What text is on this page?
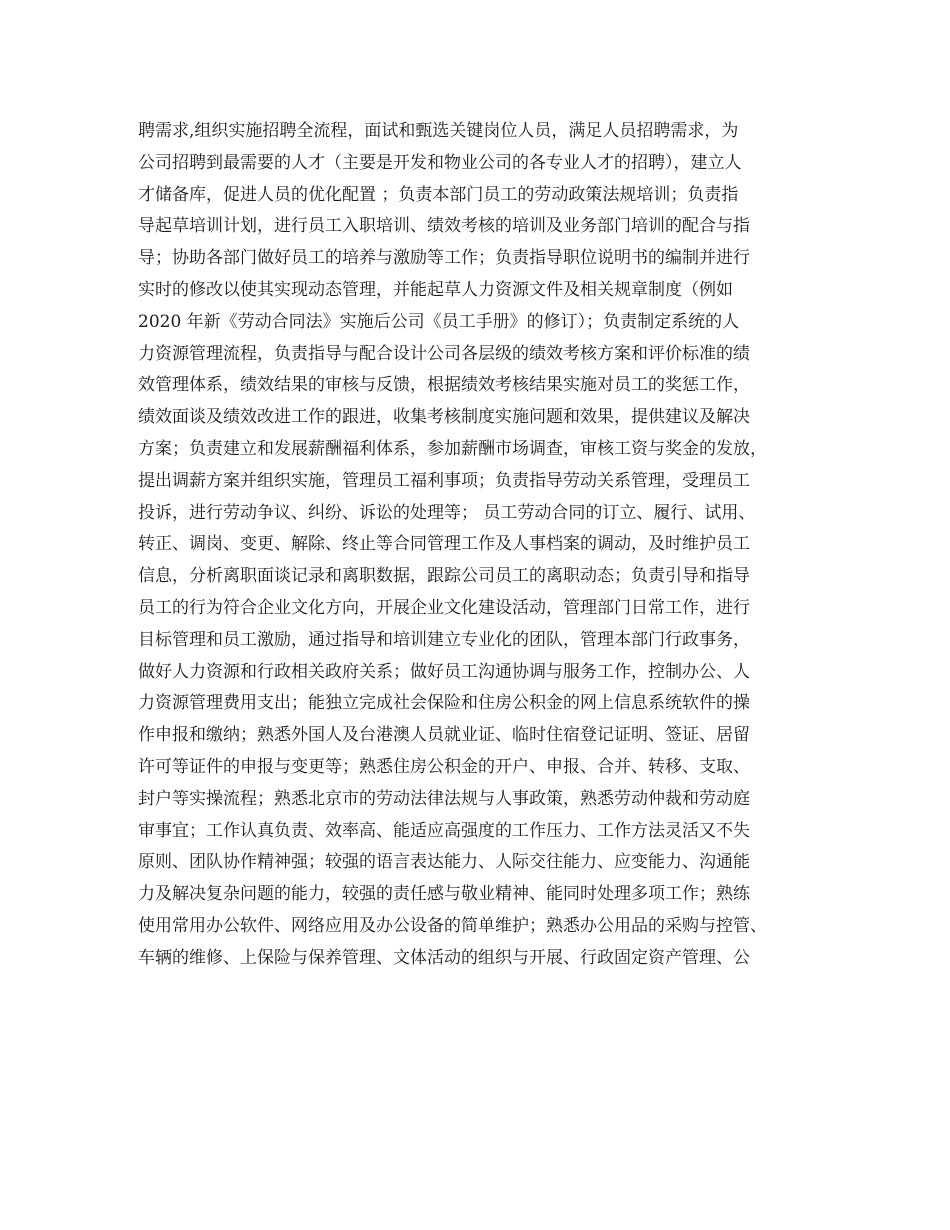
聘需求,组织实施招聘全流程，面试和甄选关键岗位人员，满足人员招聘需求，为
公司招聘到最需要的人才（主要是开发和物业公司的各专业人才的招聘），建立人
才储备库，促进人员的优化配置 ；负责本部门员工的劳动政策法规培训；负责指
导起草培训计划，进行员工入职培训、绩效考核的培训及业务部门培训的配合与指
导；协助各部门做好员工的培养与激励等工作；负责指导职位说明书的编制并进行
实时的修改以使其实现动态管理，并能起草人力资源文件及相关规章制度（例如
2020 年新《劳动合同法》实施后公司《员工手册》的修订）；负责制定系统的人
力资源管理流程，负责指导与配合设计公司各层级的绩效考核方案和评价标准的绩
效管理体系，绩效结果的审核与反馈，根据绩效考核结果实施对员工的奖惩工作，
绩效面谈及绩效改进工作的跟进，收集考核制度实施问题和效果，提供建议及解决
方案；负责建立和发展薪酬福利体系，参加薪酬市场调查，审核工资与奖金的发放，
提出调薪方案并组织实施，管理员工福利事项；负责指导劳动关系管理，受理员工
投诉，进行劳动争议、纠纷、诉讼的处理等； 员工劳动合同的订立、履行、试用、
转正、调岗、变更、解除、终止等合同管理工作及人事档案的调动，及时维护员工
信息，分析离职面谈记录和离职数据，跟踪公司员工的离职动态；负责引导和指导
员工的行为符合企业文化方向，开展企业文化建设活动，管理部门日常工作，进行
目标管理和员工激励，通过指导和培训建立专业化的团队，管理本部门行政事务，
做好人力资源和行政相关政府关系；做好员工沟通协调与服务工作，控制办公、人
力资源管理费用支出；能独立完成社会保险和住房公积金的网上信息系统软件的操
作申报和缴纳；熟悉外国人及台港澳人员就业证、临时住宿登记证明、签证、居留
许可等证件的申报与变更等；熟悉住房公积金的开户、申报、合并、转移、支取、
封户等实操流程；熟悉北京市的劳动法律法规与人事政策，熟悉劳动仲裁和劳动庭
审事宜；工作认真负责、效率高、能适应高强度的工作压力、工作方法灵活又不失
原则、团队协作精神强；较强的语言表达能力、人际交往能力、应变能力、沟通能
力及解决复杂问题的能力，较强的责任感与敬业精神、能同时处理多项工作；熟练
使用常用办公软件、网络应用及办公设备的简单维护；熟悉办公用品的采购与控管、
车辆的维修、上保险与保养管理、文体活动的组织与开展、行政固定资产管理、公
